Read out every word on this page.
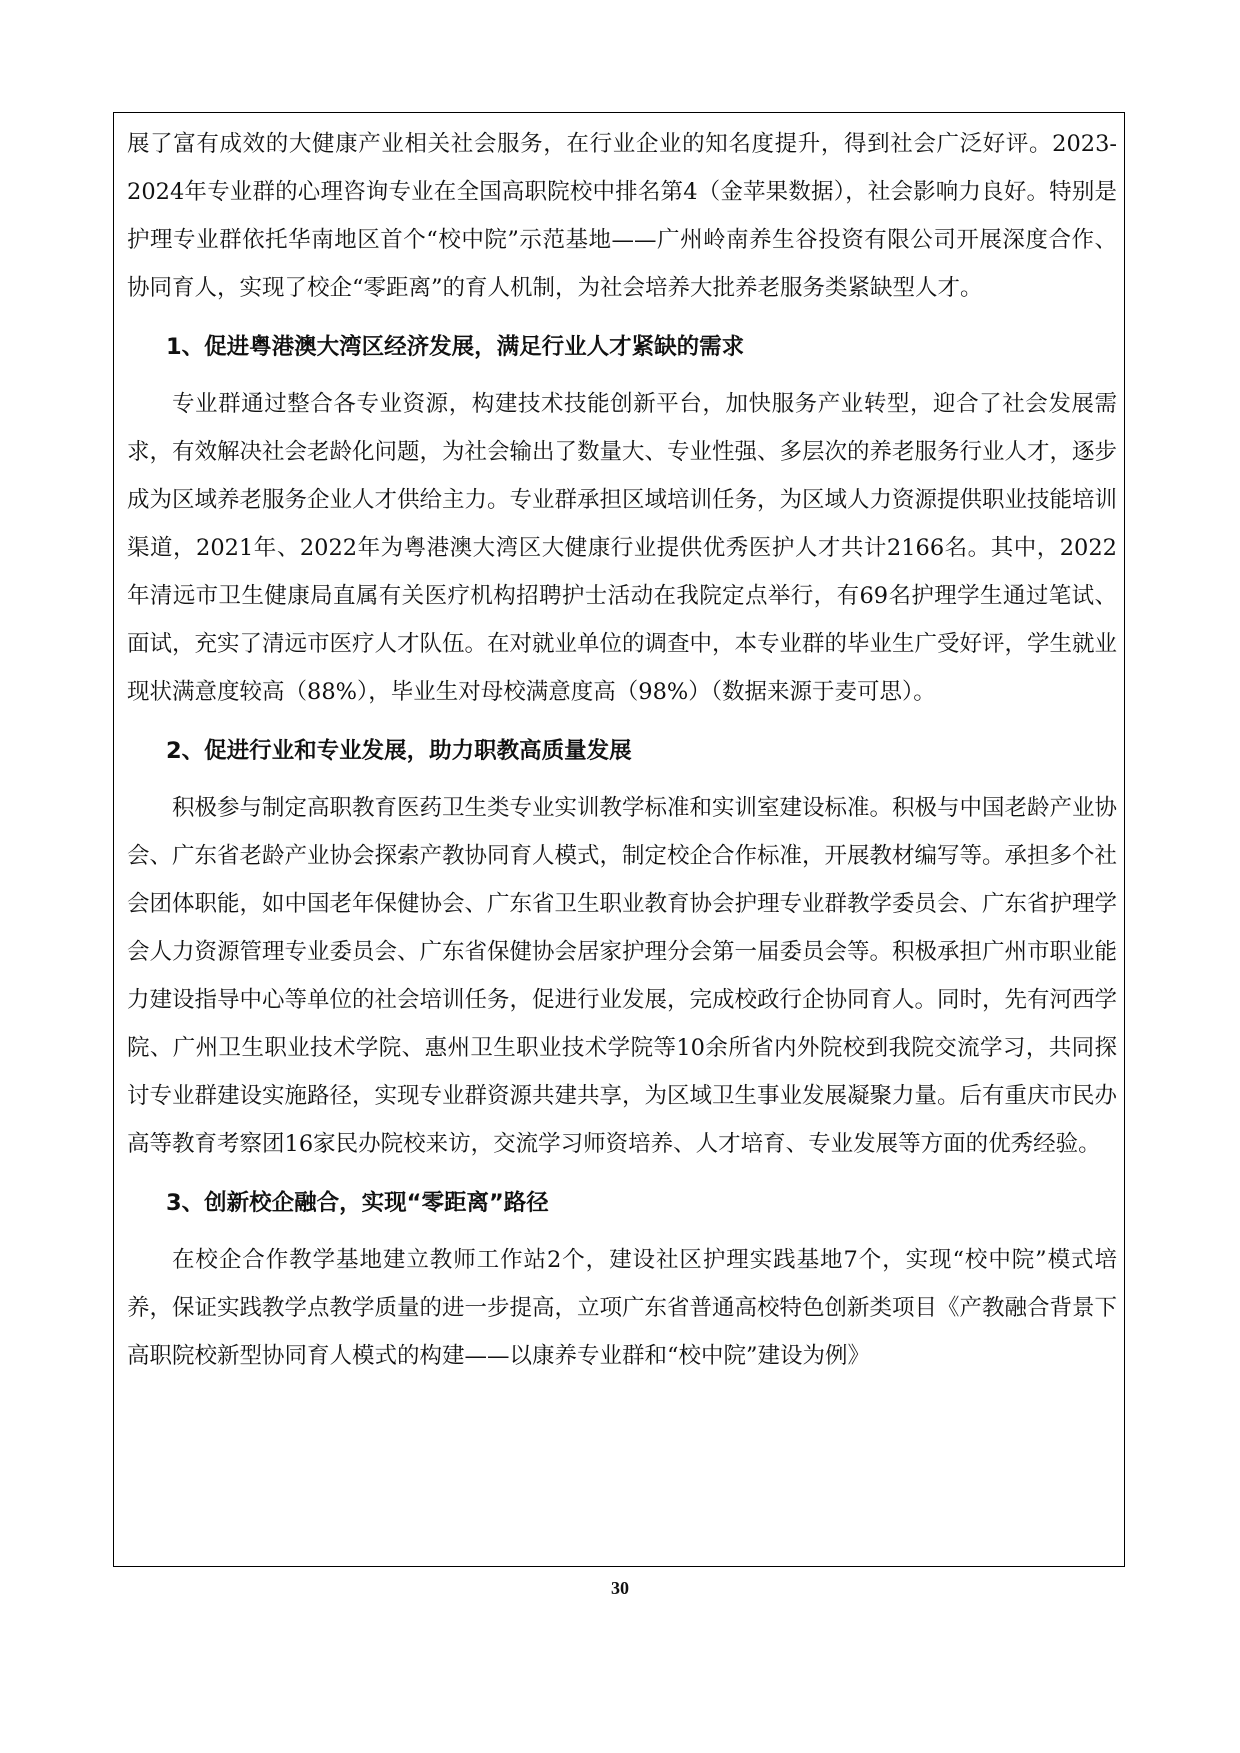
展了富有成效的大健康产业相关社会服务，在行业企业的知名度提升，得到社会广泛好评。2023-2024年专业群的心理咨询专业在全国高职院校中排名第4（金苹果数据），社会影响力良好。特别是护理专业群依托华南地区首个“校中院”示范基地——广州岭南养生谷投资有限公司开展深度合作、协同育人，实现了校企“零距离”的育人机制，为社会培养大批养老服务类紧缺型人才。

1、促进粤港澳大湾区经济发展，满足行业人才紧缺的需求

专业群通过整合各专业资源，构建技术技能创新平台，加快服务产业转型，迎合了社会发展需求，有效解决社会老龄化问题，为社会输出了数量大、专业性强、多层次的养老服务行业人才，逐步成为区域养老服务企业人才供给主力。专业群承担区域培训任务，为区域人力资源提供职业技能培训渠道，2021年、2022年为粤港澳大湾区大健康行业提供优秀医护人才共计2166名。其中，2022年清远市卫生健康局直属有关医疗机构招聘护士活动在我院定点举行，有69名护理学生通过笔试、面试，充实了清远市医疗人才队伍。在对就业单位的调查中，本专业群的毕业生广受好评，学生就业现状满意度较高（88%），毕业生对母校满意度高（98%）（数据来源于麦可思）。

2、促进行业和专业发展，助力职教高质量发展

积极参与制定高职教育医药卫生类专业实训教学标准和实训室建设标准。积极与中国老龄产业协会、广东省老龄产业协会探索产教协同育人模式，制定校企合作标准，开展教材编写等。承担多个社会团体职能，如中国老年保健协会、广东省卫生职业教育协会护理专业群教学委员会、广东省护理学会人力资源管理专业委员会、广东省保健协会居家护理分会第一届委员会等。积极承担广州市职业能力建设指导中心等单位的社会培训任务，促进行业发展，完成校政行企协同育人。同时，先有河西学院、广州卫生职业技术学院、惠州卫生职业技术学院等10余所省内外院校到我院交流学习，共同探讨专业群建设实施路径，实现专业群资源共建共享，为区域卫生事业发展凝聚力量。后有重庆市民办高等教育考察团16家民办院校来访，交流学习师资培养、人才培育、专业发展等方面的优秀经验。

3、创新校企融合，实现“零距离”路径

在校企合作教学基地建立教师工作站2个，建设社区护理实践基地7个，实现“校中院”模式培养，保证实践教学点教学质量的进一步提高，立项广东省普通高校特色创新类项目《产教融合背景下高职院校新型协同育人模式的构建——以康养专业群和“校中院”建设为例》

30
